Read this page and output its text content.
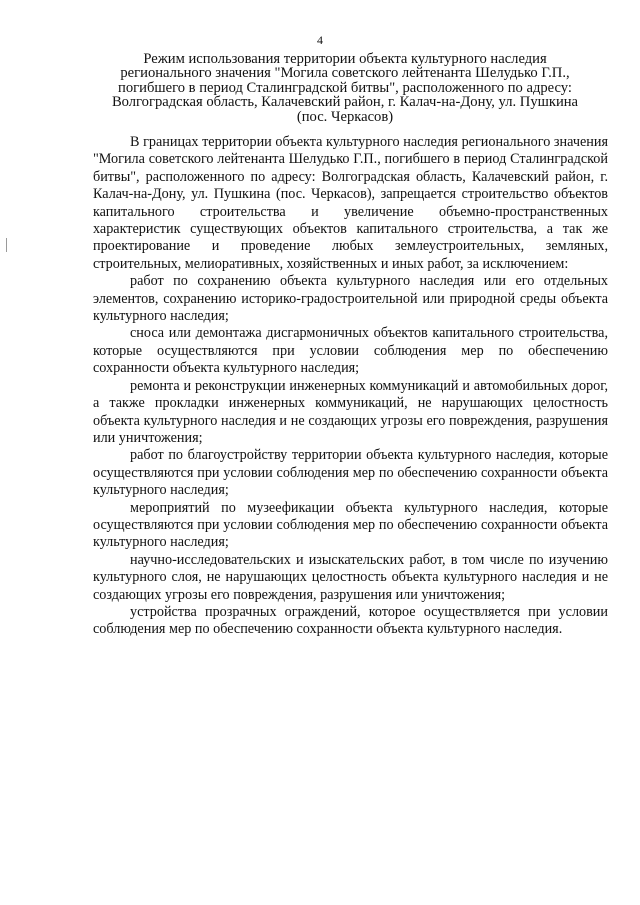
4
Режим использования территории объекта культурного наследия
регионального значения "Могила советского лейтенанта Шелудько Г.П.,
погибшего в период Сталинградской битвы", расположенного по адресу:
Волгоградская область, Калачевский район, г. Калач-на-Дону, ул. Пушкина
(пос. Черкасов)

В границах территории объекта культурного наследия регионального значения "Могила советского лейтенанта Шелудько Г.П., погибшего в период Сталинградской битвы", расположенного по адресу: Волгоградская область, Калачевский район, г. Калач-на-Дону, ул. Пушкина (пос. Черкасов), запрещается строительство объектов капитального строительства и увеличение объемно-пространственных характеристик существующих объектов капитального строительства, а так же проектирование и проведение любых землеустроительных, земляных, строительных, мелиоративных, хозяйственных и иных работ, за исключением:

работ по сохранению объекта культурного наследия или его отдельных элементов, сохранению историко-градостроительной или природной среды объекта культурного наследия;

сноса или демонтажа дисгармоничных объектов капитального строительства, которые осуществляются при условии соблюдения мер по обеспечению сохранности объекта культурного наследия;

ремонта и реконструкции инженерных коммуникаций и автомобильных дорог, а также прокладки инженерных коммуникаций, не нарушающих целостность объекта культурного наследия и не создающих угрозы его повреждения, разрушения или уничтожения;

работ по благоустройству территории объекта культурного наследия, которые осуществляются при условии соблюдения мер по обеспечению сохранности объекта культурного наследия;

мероприятий по музеефикации объекта культурного наследия, которые осуществляются при условии соблюдения мер по обеспечению сохранности объекта культурного наследия;

научно-исследовательских и изыскательских работ, в том числе по изучению культурного слоя, не нарушающих целостность объекта культурного наследия и не создающих угрозы его повреждения, разрушения или уничтожения;

устройства прозрачных ограждений, которое осуществляется при условии соблюдения мер по обеспечению сохранности объекта культурного наследия.
